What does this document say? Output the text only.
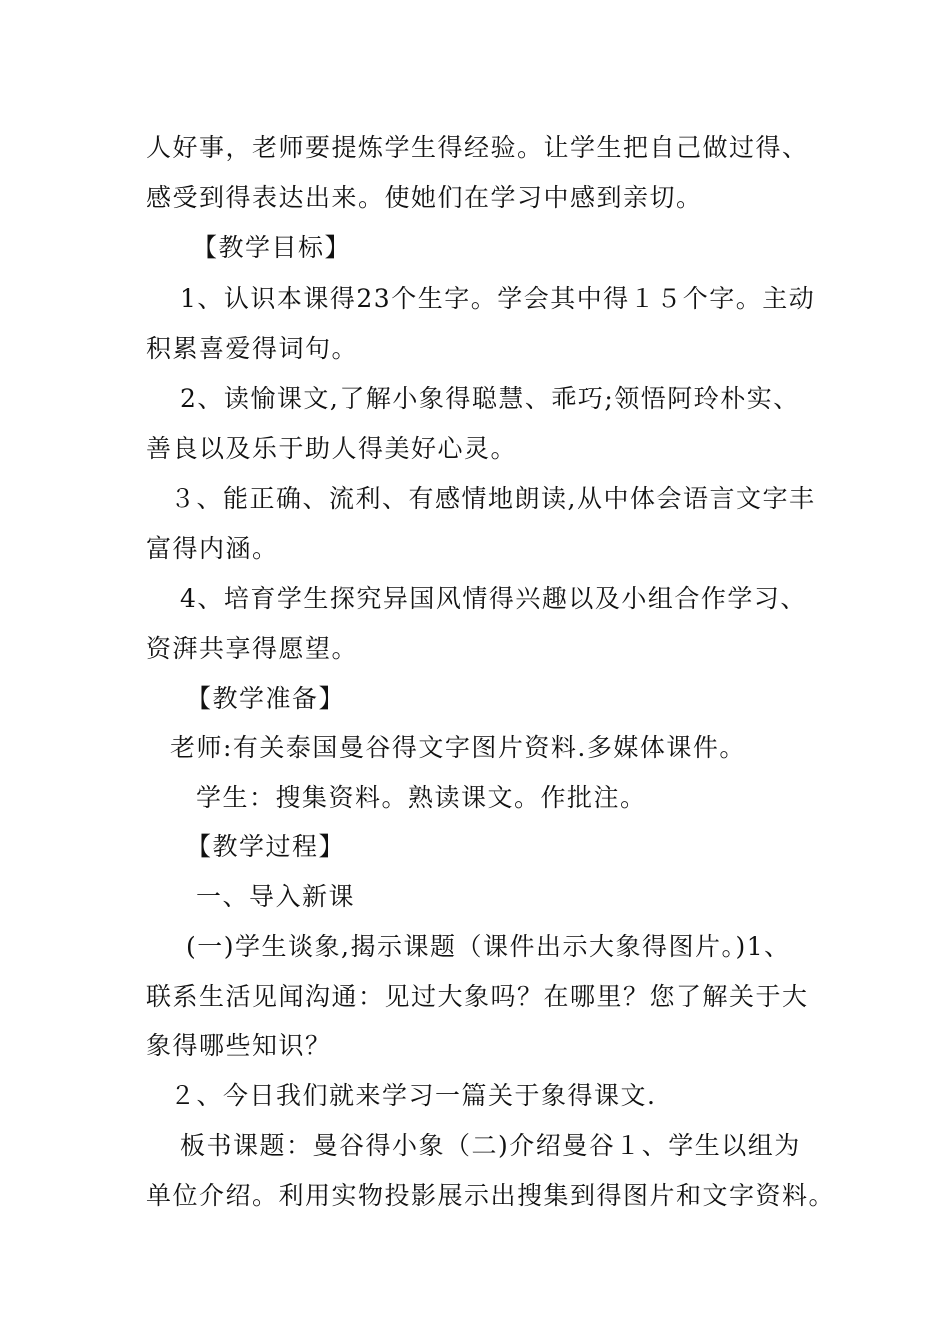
人好事，老师要提炼学生得经验。让学生把自己做过得、
感受到得表达出来。使她们在学习中感到亲切。
【教学目标】
1、认识本课得23个生字。学会其中得１５个字。主动
积累喜爱得词句。
2、读愉课文,了解小象得聪慧、乖巧;领悟阿玲朴实、
善良以及乐于助人得美好心灵。
３、能正确、流利、有感情地朗读,从中体会语言文字丰
富得内涵。
4、培育学生探究异国风情得兴趣以及小组合作学习、
资湃共享得愿望。
【教学准备】
老师:有关泰国曼谷得文字图片资料.多媒体课件。
学生：搜集资料。熟读课文。作批注。
【教学过程】
一、导入新课
(一)学生谈象,揭示课题（课件出示大象得图片。)1、
联系生活见闻沟通：见过大象吗？在哪里？您了解关于大
象得哪些知识？
２、今日我们就来学习一篇关于象得课文.
板书课题：曼谷得小象（二)介绍曼谷１、学生以组为
单位介绍。利用实物投影展示出搜集到得图片和文字资料。
